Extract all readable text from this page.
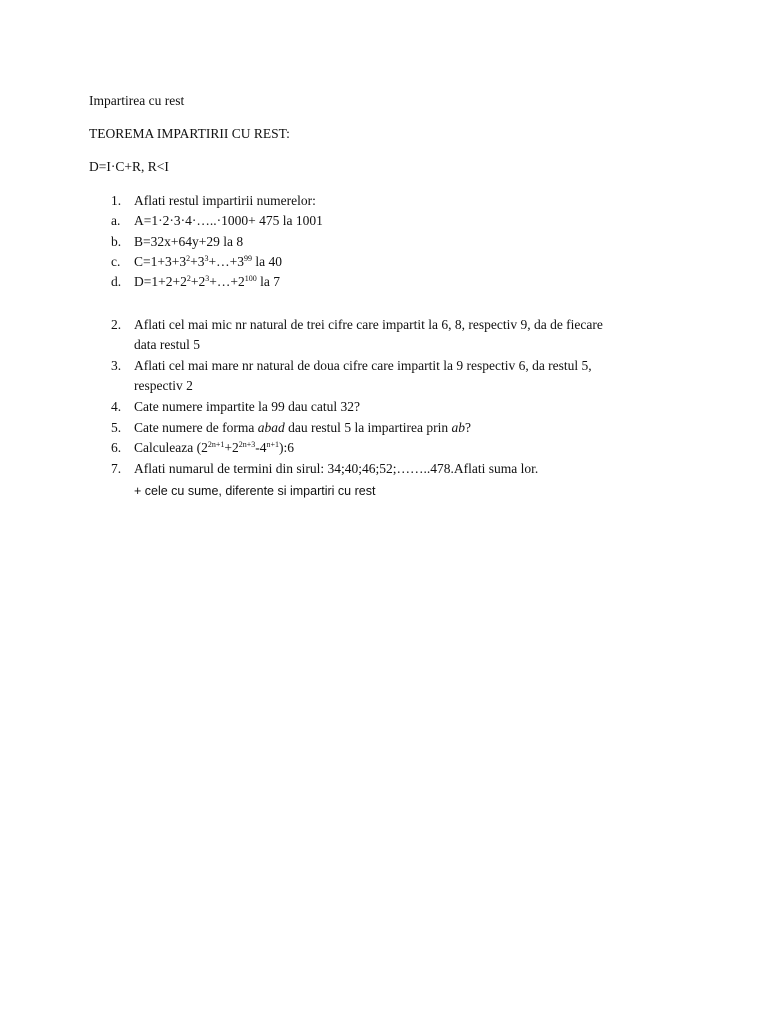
Impartirea cu rest
TEOREMA IMPARTIRII CU REST:
D=I·C+R, R<I
1. Aflati restul impartirii numerelor:
a. A=1·2·3·4·…..·1000+ 475 la 1001
b. B=32x+64y+29 la 8
c. $C=1+3+3^2+3^3+\dots+3^{99}$ la 40
d. $D=1+2+2^2+2^3+\dots+2^{100}$ la 7
2. Aflati cel mai mic nr natural de trei cifre care impartit la 6, 8, respectiv 9, da de fiecare
data restul 5
3. Aflati cel mai mare nr natural de doua cifre care impartit la 9 respectiv 6, da restul 5,
respectiv 2
4. Cate numere impartite la 99 dau catul 32?
5. Cate numere de forma abad dau restul 5 la impartirea prin ab?
6. Calculeaza $(2^{2n+1}+2^{2n+3}-4^{n+1}):6$
7. Aflati numarul de termini din sirul: 34;40;46;52;……..478.Aflati suma lor.
+ cele cu sume, diferente si impartiri cu rest
